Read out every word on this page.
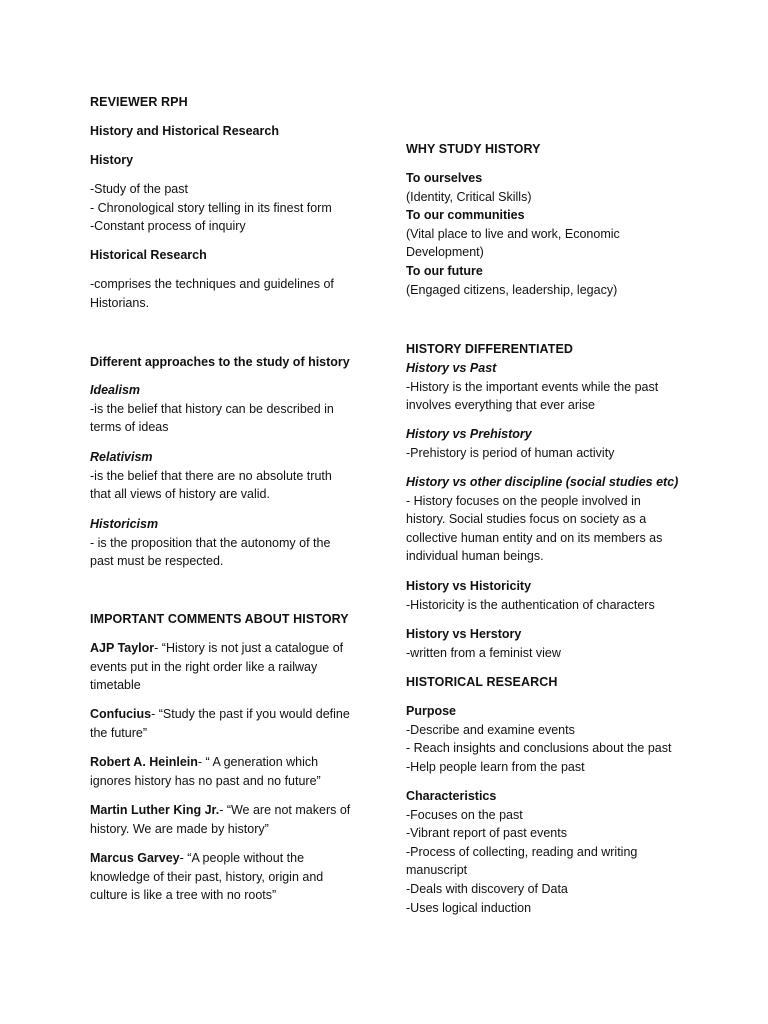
REVIEWER RPH
History and Historical Research
History
-Study of the past
- Chronological story telling in its finest form
-Constant process of inquiry
Historical Research
-comprises the techniques and guidelines of
Historians.
Different approaches to the study of history
Idealism
-is the belief that history can be described in
terms of ideas
Relativism
-is the belief that there are no absolute truth
that all views of history are valid.
Historicism
- is the proposition that the autonomy of the
past must be respected.
IMPORTANT COMMENTS ABOUT HISTORY
AJP Taylor- “History is not just a catalogue of
events put in the right order like a railway
timetable
Confucius- “Study the past if you would define
the future”
Robert A. Heinlein- “ A generation which
ignores history has no past and no future”
Martin Luther King Jr.- “We are not makers of
history. We are made by history”
Marcus Garvey- “A people without the
knowledge of their past, history, origin and
culture is like a tree with no roots”
WHY STUDY HISTORY
To ourselves
(Identity, Critical Skills)
To our communities
(Vital place to live and work, Economic
Development)
To our future
(Engaged citizens, leadership, legacy)
HISTORY DIFFERENTIATED
History vs Past
-History is the important events while the past
involves everything that ever arise
History vs Prehistory
-Prehistory is period of human activity
History vs other discipline (social studies etc)
- History focuses on the people involved in
history. Social studies focus on society as a
collective human entity and on its members as
individual human beings.
History vs Historicity
-Historicity is the authentication of characters
History vs Herstory
-written from a feminist view
HISTORICAL RESEARCH
Purpose
-Describe and examine events
- Reach insights and conclusions about the past
-Help people learn from the past
Characteristics
-Focuses on the past
-Vibrant report of past events
-Process of collecting, reading and writing
manuscript
-Deals with discovery of Data
-Uses logical induction
